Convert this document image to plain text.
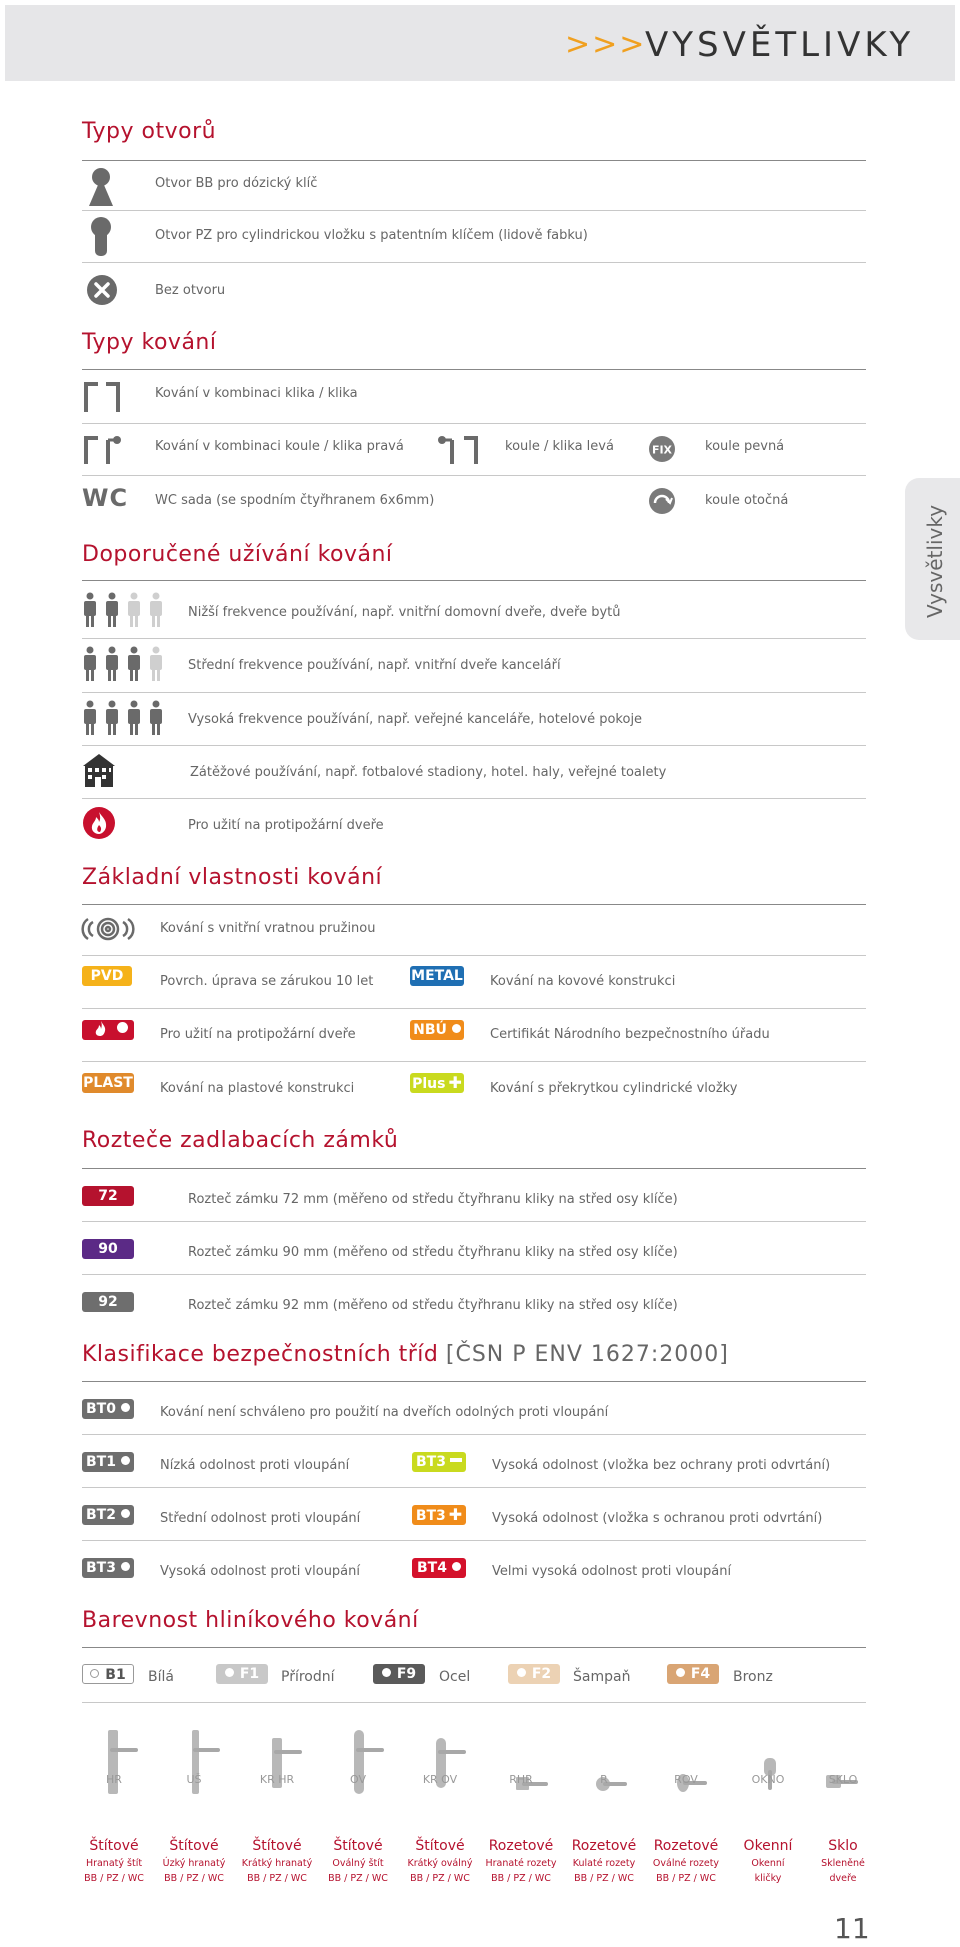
>>>
VYSVĚTLIVKY
Vysvětlivky
Typy otvorů
Otvor BB pro dózický klíč
Otvor PZ pro cylindrickou vložku s patentním klíčem (lidově fabku)
Bez otvoru
Typy kování
Kování v kombinaci klika / klika
Kování v kombinaci koule / klika pravá	koule / klika levá	FIX	koule pevná
WC WC sada (se spodním čtyřhranem 6x6mm)	koule otočná
Doporučené užívání kování
Nižší frekvence používání, např. vnitřní domovní dveře, dveře bytů
Střední frekvence používání, např. vnitřní dveře kanceláří
Vysoká frekvence používání, např. veřejné kanceláře, hotelové pokoje
Zátěžové používání, např. fotbalové stadiony, hotel. haly, veřejné toalety
Pro užití na protipožární dveře
Základní vlastnosti kování
Kování s vnitřní vratnou pružinou
PVD	Povrch. úprava se zárukou 10 let	METAL Kování na kovové konstrukci
Pro užití na protipožární dveře	NBÚ	Certifikát Národního bezpečnostního úřadu
PLAST Kování na plastové konstrukci	Plus ✚ Kování s překrytkou cylindrické vložky
Rozteče zadlabacích zámků
72 mm
Rozteč zámku 72 mm (měřeno od středu čtyřhranu kliky na střed osy klíče)
90 mm
Rozteč zámku 90 mm (měřeno od středu čtyřhranu kliky na střed osy klíče)
92 mm
Rozteč zámku 92 mm (měřeno od středu čtyřhranu kliky na střed osy klíče)
Klasifikace bezpečnostních tříd [ČSN P ENV 1627:2000]
BT0	Kování není schváleno pro použití na dveřích odolných proti vloupání
BT1	Nízká odolnost proti vloupání	BT3	Vysoká odolnost (vložka bez ochrany proti odvrtání)
BT2	Střední odolnost proti vloupání	BT3 ✚ Vysoká odolnost (vložka s ochranou proti odvrtání)
BT3	Vysoká odolnost proti vloupání	BT4	Velmi vysoká odolnost proti vloupání
Barevnost hliníkového kování
B1	Bílá	F1	Přírodní	F9	Ocel	F2	Šampaň	F4	Bronz
HR	UŠ	KR HR	OV	KR OV	RHR	R	ROV	OKNO	SKLO
Štítové	Štítové	Štítové	Štítové	Štítové	Rozetové	Rozetové	Rozetové	Okenní	Sklo
Hranatý štít	Úzký hranatý	Krátký hranatý	Oválný štít	Krátký oválný	Hranaté rozety	Kulaté rozety	Oválné rozety	Okenní	Skleněné
BB / PZ / WC	BB / PZ / WC	BB / PZ / WC	BB / PZ / WC	BB / PZ / WC	BB / PZ / WC	BB / PZ / WC	BB / PZ / WC	kličky	dveře
11
